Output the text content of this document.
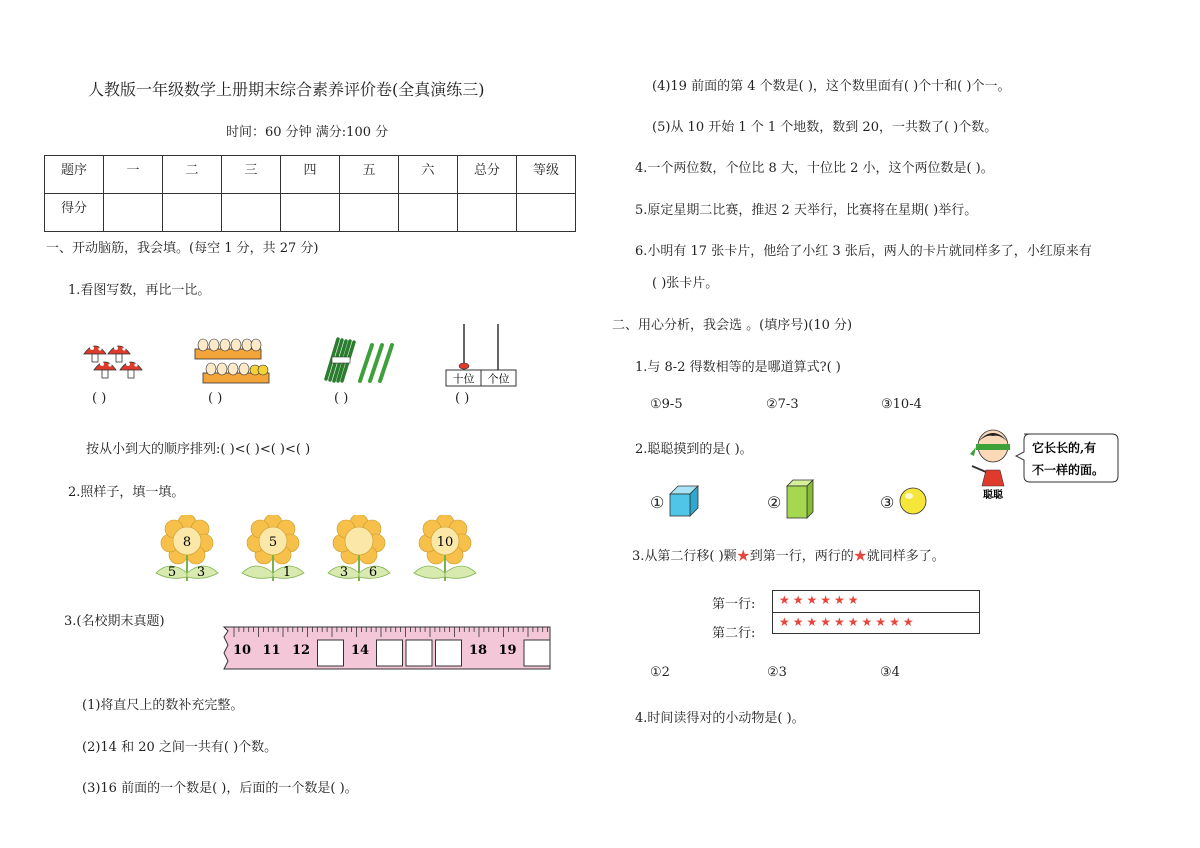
人教版一年级数学上册期末综合素养评价卷(全真演练三)
时间：60 分钟 满分:100 分
题序	一	二	三	四	五	六	总分	等级
得分								
一、开动脑筋，我会填。(每空 1 分，共 27 分)
1.看图写数，再比一比。
十位 个位
( )	( )	( )	( )
按从小到大的顺序排列:( )<( )<( )<( )
2.照样子，填一填。
8
5 3
5
1	3 6
10
3.(名校期末真题)
10 11 12	14	18 19
(1)将直尺上的数补充完整。
(2)14 和 20 之间一共有( )个数。
(3)16 前面的一个数是( )，后面的一个数是( )。
(4)19 前面的第 4 个数是( )，这个数里面有( )个十和( )个一。
(5)从 10 开始 1 个 1 个地数，数到 20，一共数了( )个数。
4.一个两位数，个位比 8 大，十位比 2 小，这个两位数是( )。
5.原定星期二比赛，推迟 2 天举行，比赛将在星期( )举行。
6.小明有 17 张卡片，他给了小红 3 张后，两人的卡片就同样多了，小红原来有
( )张卡片。
二、用心分析，我会选 。(填序号)(10 分)
1.与 8-2 得数相等的是哪道算式?( )
①9-5	②7-3	③10-4
2.聪聪摸到的是( )。
聪聪
它长长的,有
不一样的面。
①	②	③
3.从第二行移( )颗★到第一行，两行的★就同样多了。
第一行:
第二行:
★★★★★★
★★★★★★★★★★
①2	②3	③4
4.时间读得对的小动物是( )。
